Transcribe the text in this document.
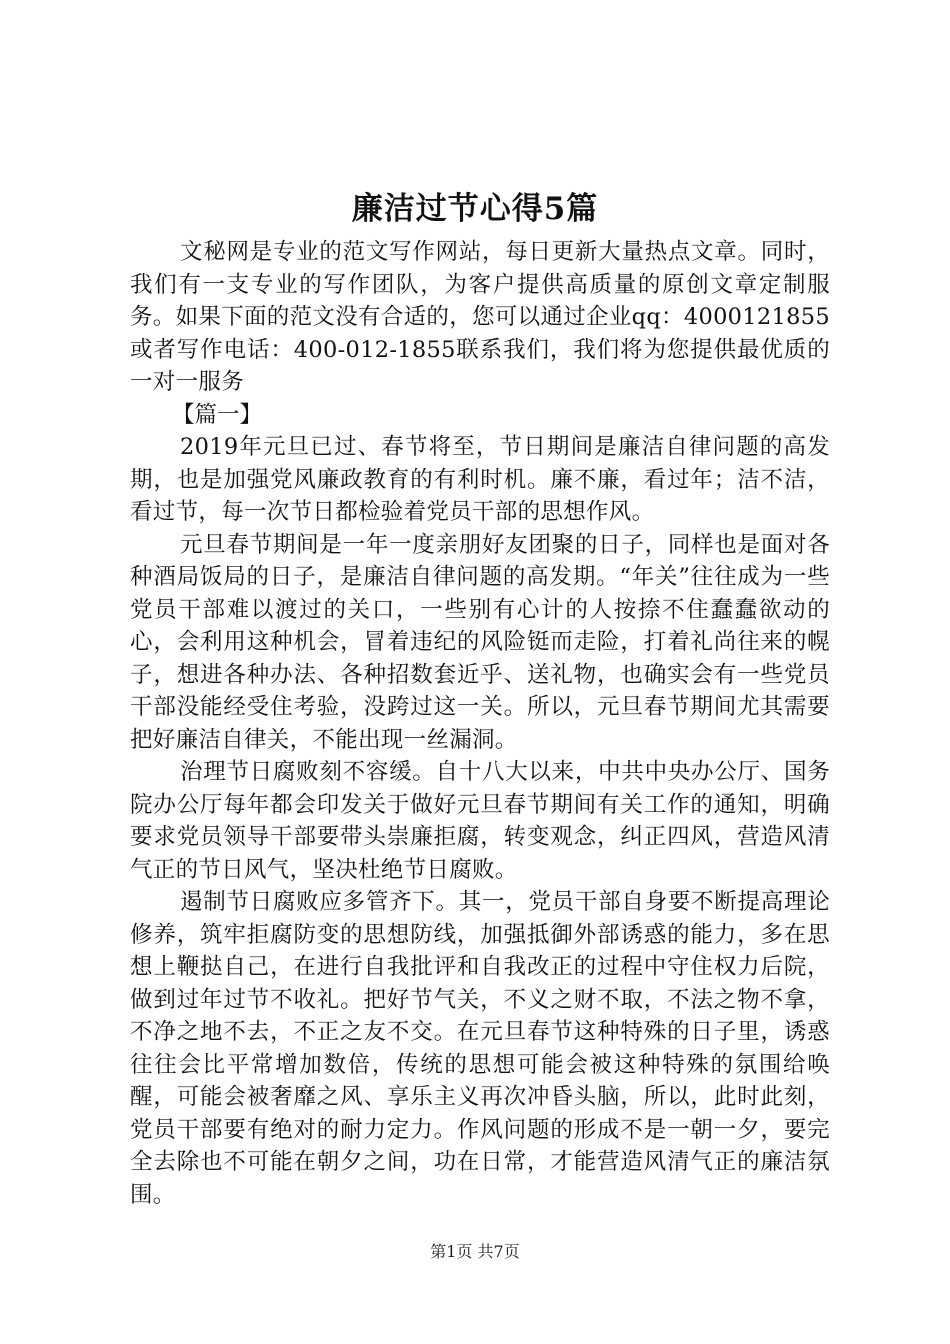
廉洁过节心得5篇

文秘网是专业的范文写作网站，每日更新大量热点文章。同时，我们有一支专业的写作团队，为客户提供高质量的原创文章定制服务。如果下面的范文没有合适的，您可以通过企业qq：4000121855或者写作电话：400-012-1855联系我们，我们将为您提供最优质的一对一服务

【篇一】

2019年元旦已过、春节将至，节日期间是廉洁自律问题的高发期，也是加强党风廉政教育的有利时机。廉不廉，看过年；洁不洁，看过节，每一次节日都检验着党员干部的思想作风。

元旦春节期间是一年一度亲朋好友团聚的日子，同样也是面对各种酒局饭局的日子，是廉洁自律问题的高发期。“年关”往往成为一些党员干部难以渡过的关口，一些别有心计的人按捺不住蠢蠢欲动的心，会利用这种机会，冒着违纪的风险铤而走险，打着礼尚往来的幌子，想进各种办法、各种招数套近乎、送礼物，也确实会有一些党员干部没能经受住考验，没跨过这一关。所以，元旦春节期间尤其需要把好廉洁自律关，不能出现一丝漏洞。

治理节日腐败刻不容缓。自十八大以来，中共中央办公厅、国务院办公厅每年都会印发关于做好元旦春节期间有关工作的通知，明确要求党员领导干部要带头崇廉拒腐，转变观念，纠正四风，营造风清气正的节日风气，坚决杜绝节日腐败。

遏制节日腐败应多管齐下。其一，党员干部自身要不断提高理论修养，筑牢拒腐防变的思想防线，加强抵御外部诱惑的能力，多在思想上鞭挞自己，在进行自我批评和自我改正的过程中守住权力后院，做到过年过节不收礼。把好节气关，不义之财不取，不法之物不拿，不净之地不去，不正之友不交。在元旦春节这种特殊的日子里，诱惑往往会比平常增加数倍，传统的思想可能会被这种特殊的氛围给唤醒，可能会被奢靡之风、享乐主义再次冲昏头脑，所以，此时此刻，党员干部要有绝对的耐力定力。作风问题的形成不是一朝一夕，要完全去除也不可能在朝夕之间，功在日常，才能营造风清气正的廉洁氛围。

第1页 共7页
